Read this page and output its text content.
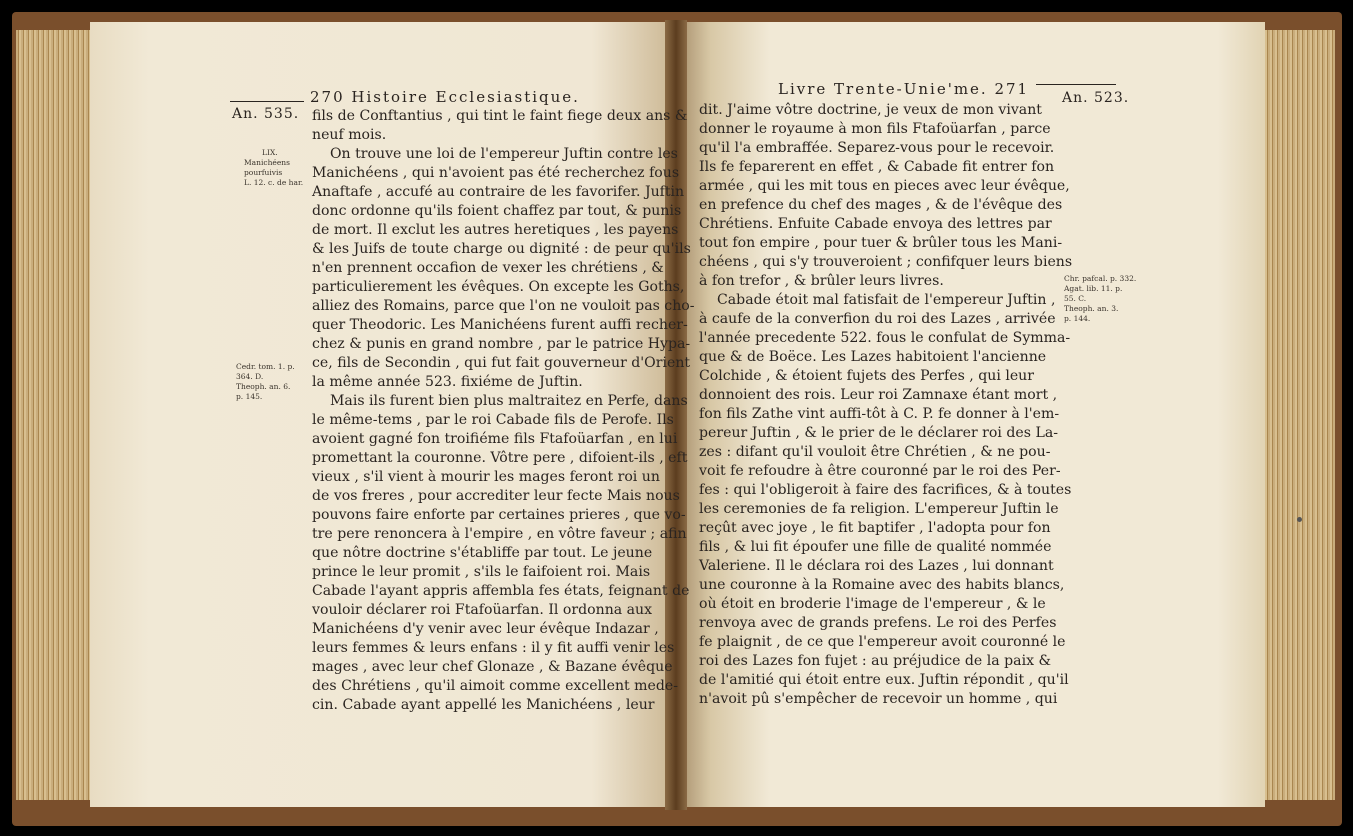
An. 535.
270 Histoire Ecclesiastique.
LIX.
Manichéens
pourfuivis
L. 12. c. de har.
Cedr. tom. 1. p.
364. D.
Theoph. an. 6.
p. 145.
fils de Conftantius , qui tint le faint fiege deux ans &
neuf mois.
On trouve une loi de l'empereur Juftin contre les
Manichéens , qui n'avoient pas été recherchez fous
Anaftafe , accufé au contraire de les favorifer. Juftin
donc ordonne qu'ils foient chaffez par tout, & punis
de mort. Il exclut les autres heretiques , les payens
& les Juifs de toute charge ou dignité : de peur qu'ils
n'en prennent occafion de vexer les chrétiens , &
particulierement les évêques. On excepte les Goths,
alliez des Romains, parce que l'on ne vouloit pas cho-
quer Theodoric. Les Manichéens furent auffi recher-
chez & punis en grand nombre , par le patrice Hypa-
ce, fils de Secondin , qui fut fait gouverneur d'Orient
la même année 523. fixiéme de Juftin.
Mais ils furent bien plus maltraitez en Perfe, dans
le même-tems , par le roi Cabade fils de Perofe. Ils
avoient gagné fon troifiéme fils Ftafoüarfan , en lui
promettant la couronne. Vôtre pere , difoient-ils , eft
vieux , s'il vient à mourir les mages feront roi un
de vos freres , pour accrediter leur fecte Mais nous
pouvons faire enforte par certaines prieres , que vo-
tre pere renoncera à l'empire , en vôtre faveur ; afin
que nôtre doctrine s'établiffe par tout. Le jeune
prince le leur promit , s'ils le faifoient roi. Mais
Cabade l'ayant appris affembla fes états, feignant de
vouloir déclarer roi Ftafoüarfan. Il ordonna aux
Manichéens d'y venir avec leur évêque Indazar ,
leurs femmes & leurs enfans : il y fit auffi venir les
mages , avec leur chef Glonaze , & Bazane évêque
des Chrétiens , qu'il aimoit comme excellent mede-
cin. Cabade ayant appellé les Manichéens , leur
Livre Trente-Unie'me. 271 An. 523.
Chr. pafcal. p. 332.
Agat. lib. 11. p.
55. C.
Theoph. an. 3.
p. 144.
dit. J'aime vôtre doctrine, je veux de mon vivant
donner le royaume à mon fils Ftafoüarfan , parce
qu'il l'a embraffée. Separez-vous pour le recevoir.
Ils fe feparerent en effet , & Cabade fit entrer fon
armée , qui les mit tous en pieces avec leur évêque,
en prefence du chef des mages , & de l'évêque des
Chrétiens. Enfuite Cabade envoya des lettres par
tout fon empire , pour tuer & brûler tous les Mani-
chéens , qui s'y trouveroient ; confifquer leurs biens
à fon trefor , & brûler leurs livres.
Cabade étoit mal fatisfait de l'empereur Juftin ,
à caufe de la converfion du roi des Lazes , arrivée
l'année precedente 522. fous le confulat de Symma-
que & de Boëce. Les Lazes habitoient l'ancienne
Colchide , & étoient fujets des Perfes , qui leur
donnoient des rois. Leur roi Zamnaxe étant mort ,
fon fils Zathe vint auffi-tôt à C. P. fe donner à l'em-
pereur Juftin , & le prier de le déclarer roi des La-
zes : difant qu'il vouloit être Chrétien , & ne pou-
voit fe refoudre à être couronné par le roi des Per-
fes : qui l'obligeroit à faire des facrifices, & à toutes
les ceremonies de fa religion. L'empereur Juftin le
reçût avec joye , le fit baptifer , l'adopta pour fon
fils , & lui fit époufer une fille de qualité nommée
Valeriene. Il le déclara roi des Lazes , lui donnant
une couronne à la Romaine avec des habits blancs,
où étoit en broderie l'image de l'empereur , & le
renvoya avec de grands prefens. Le roi des Perfes
fe plaignit , de ce que l'empereur avoit couronné le
roi des Lazes fon fujet : au préjudice de la paix &
de l'amitié qui étoit entre eux. Juftin répondit , qu'il
n'avoit pû s'empêcher de recevoir un homme , qui
